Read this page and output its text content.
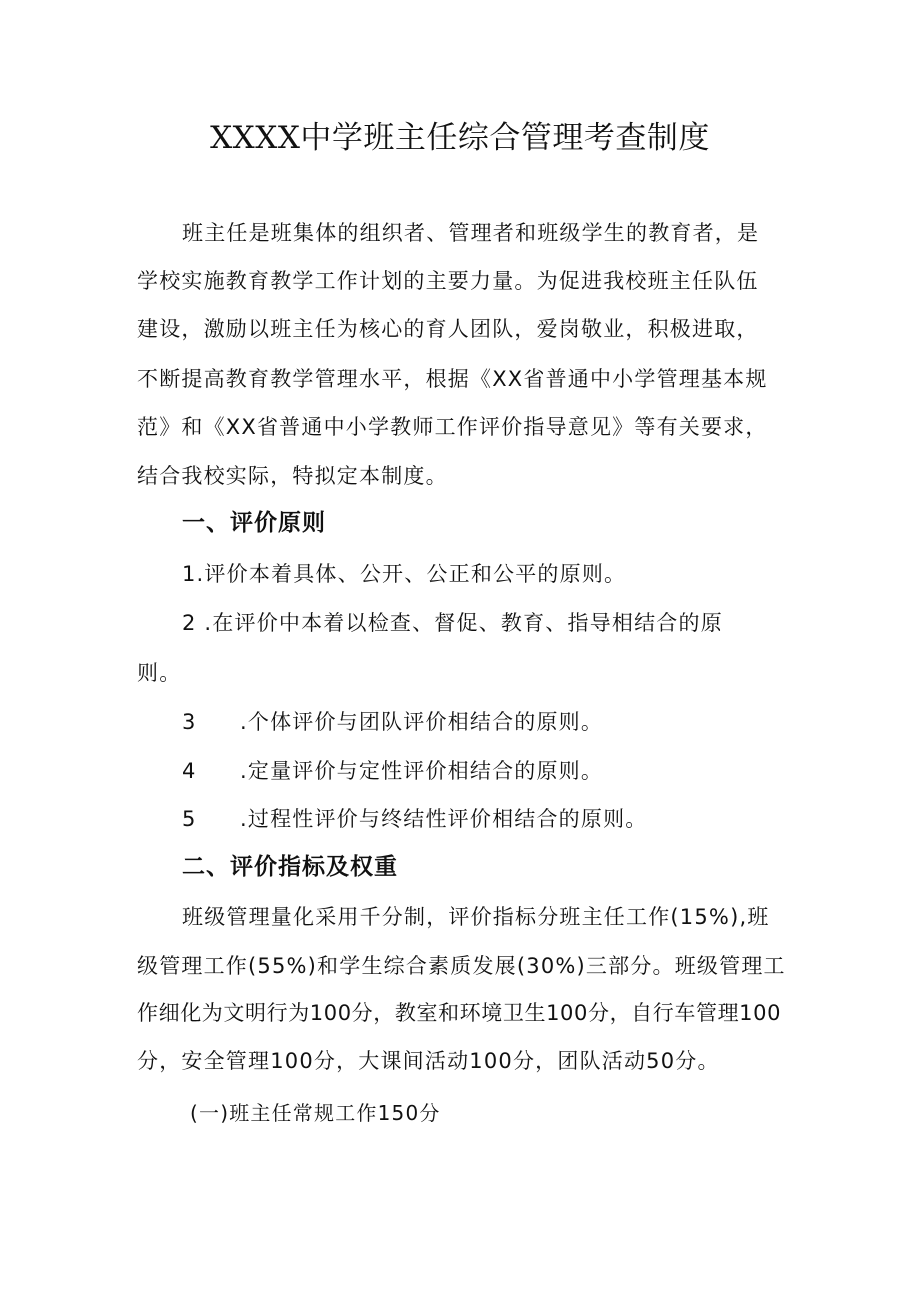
XXXX中学班主任综合管理考查制度
班主任是班集体的组织者、管理者和班级学生的教育者，是
学校实施教育教学工作计划的主要力量。为促进我校班主任队伍
建设，激励以班主任为核心的育人团队，爱岗敬业，积极进取，
不断提高教育教学管理水平，根据《XX省普通中小学管理基本规
范》和《XX省普通中小学教师工作评价指导意见》等有关要求，
结合我校实际，特拟定本制度。
一、评价原则
1.评价本着具体、公开、公正和公平的原则。
2 .在评价中本着以检查、督促、教育、指导相结合的原
则。
3 .个体评价与团队评价相结合的原则。
4 .定量评价与定性评价相结合的原则。
5 .过程性评价与终结性评价相结合的原则。
二、评价指标及权重
班级管理量化采用千分制，评价指标分班主任工作(15%),班
级管理工作(55%)和学生综合素质发展(30%)三部分。班级管理工
作细化为文明行为100分，教室和环境卫生100分，自行车管理100
分，安全管理100分，大课间活动100分，团队活动50分。
(一)班主任常规工作150分
